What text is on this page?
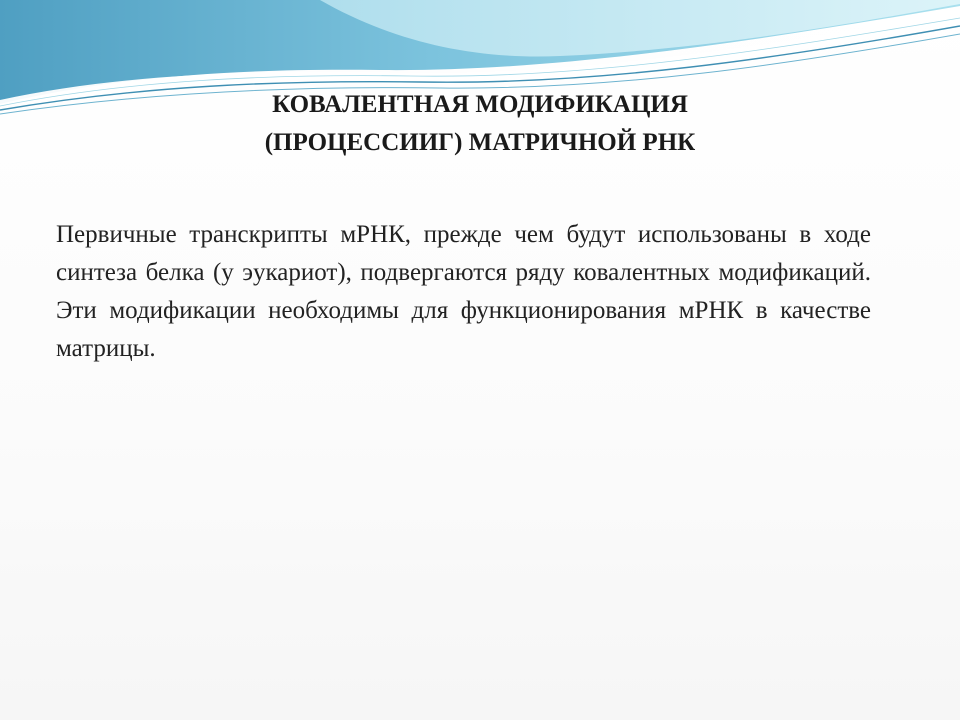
КОВАЛЕНТНАЯ МОДИФИКАЦИЯ
(ПРОЦЕССИИГ) МАТРИЧНОЙ РНК

Первичные транскрипты мРНК, прежде чем будут использованы в ходе синтеза белка (у эукариот), подвергаются ряду ковалентных модификаций. Эти модификации необходимы для функционирования мРНК в качестве матрицы.
